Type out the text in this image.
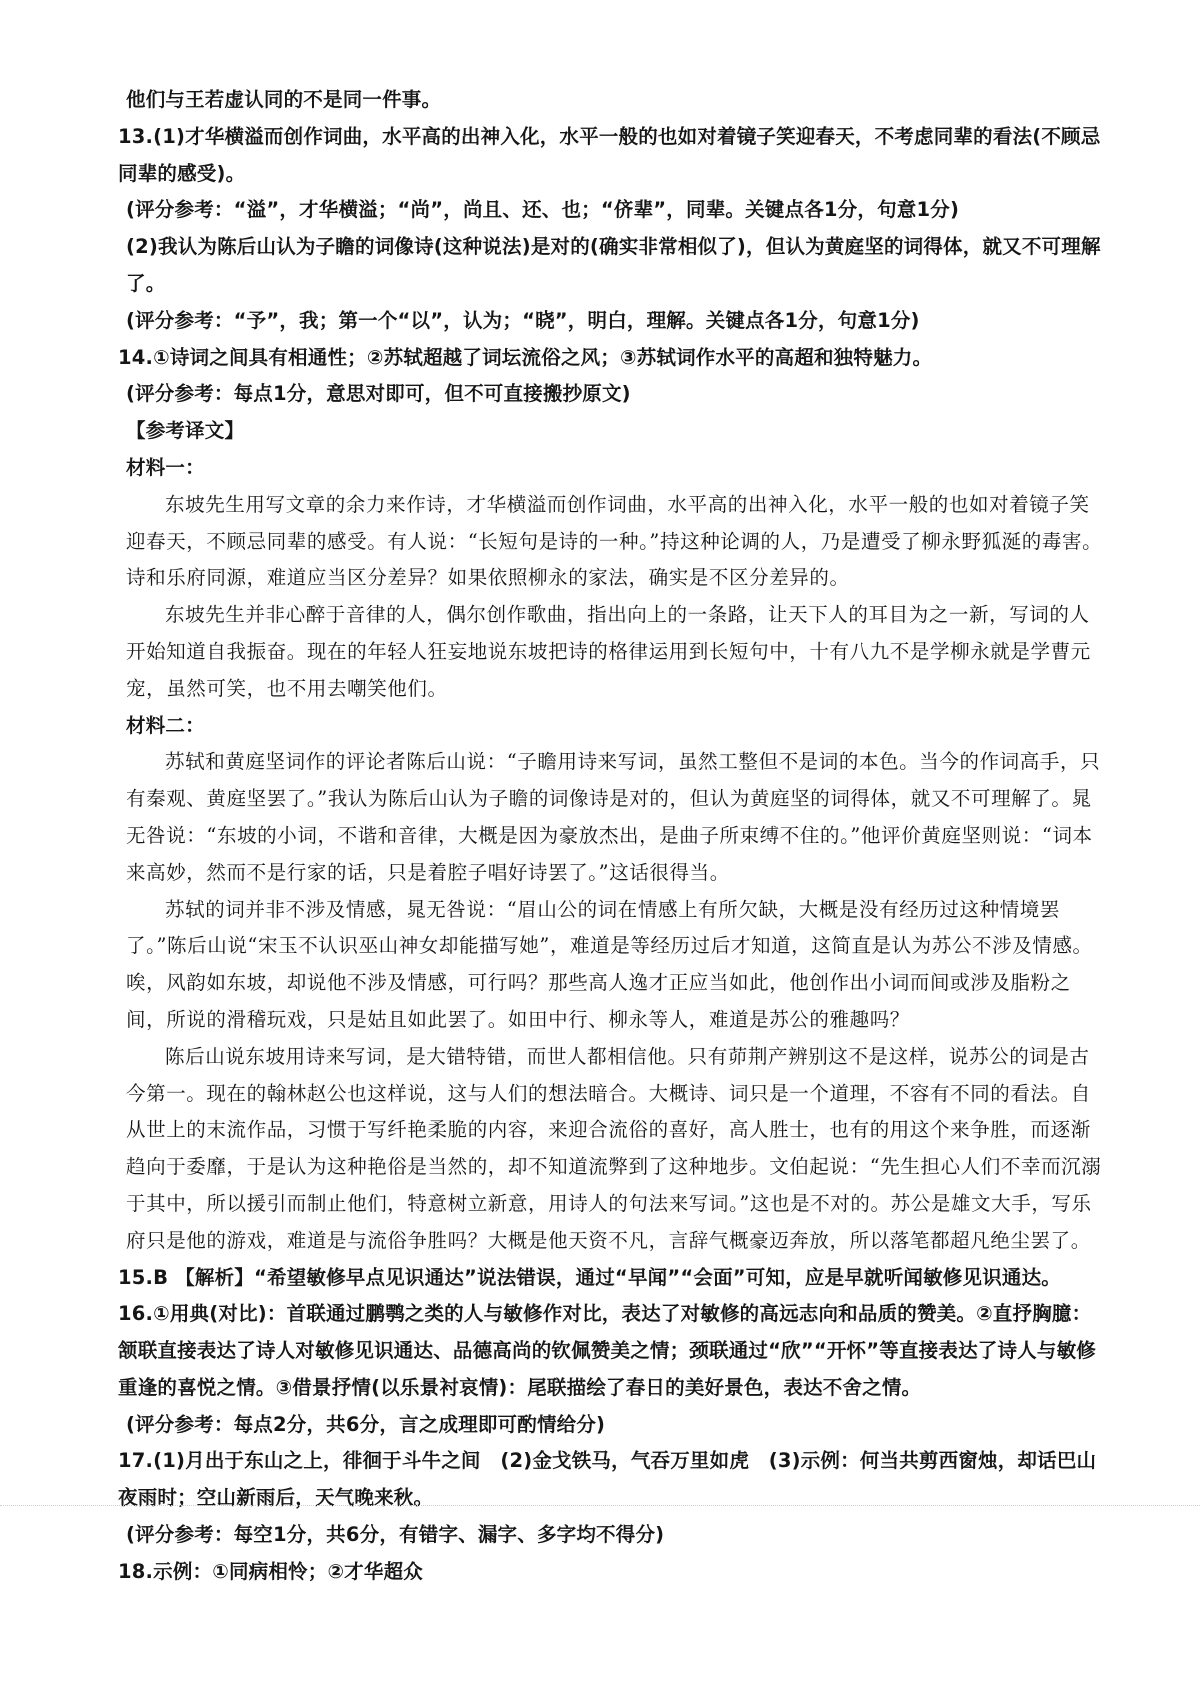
他们与王若虚认同的不是同一件事。

13.(1)才华横溢而创作词曲，水平高的出神入化，水平一般的也如对着镜子笑迎春天，不考虑同辈的看法(不顾忌同辈的感受)。

(评分参考：“溢”，才华横溢；“尚”，尚且、还、也；“侪辈”，同辈。关键点各1分，句意1分)

(2)我认为陈后山认为子瞻的词像诗(这种说法)是对的(确实非常相似了)，但认为黄庭坚的词得体，就又不可理解了。

(评分参考：“予”，我；第一个“以”，认为；“晓”，明白，理解。关键点各1分，句意1分)

14.①诗词之间具有相通性；②苏轼超越了词坛流俗之风；③苏轼词作水平的高超和独特魅力。

(评分参考：每点1分，意思对即可，但不可直接搬抄原文)

【参考译文】

材料一：

东坡先生用写文章的余力来作诗，才华横溢而创作词曲，水平高的出神入化，水平一般的也如对着镜子笑迎春天，不顾忌同辈的感受。有人说：“长短句是诗的一种。”持这种论调的人，乃是遭受了柳永野狐涎的毒害。诗和乐府同源，难道应当区分差异？如果依照柳永的家法，确实是不区分差异的。

东坡先生并非心醉于音律的人，偶尔创作歌曲，指出向上的一条路，让天下人的耳目为之一新，写词的人开始知道自我振奋。现在的年轻人狂妄地说东坡把诗的格律运用到长短句中，十有八九不是学柳永就是学曹元宠，虽然可笑，也不用去嘲笑他们。

材料二：

苏轼和黄庭坚词作的评论者陈后山说：“子瞻用诗来写词，虽然工整但不是词的本色。当今的作词高手，只有秦观、黄庭坚罢了。”我认为陈后山认为子瞻的词像诗是对的，但认为黄庭坚的词得体，就又不可理解了。晁无咎说：“东坡的小词，不谐和音律，大概是因为豪放杰出，是曲子所束缚不住的。”他评价黄庭坚则说：“词本来高妙，然而不是行家的话，只是着腔子唱好诗罢了。”这话很得当。

苏轼的词并非不涉及情感，晁无咎说：“眉山公的词在情感上有所欠缺，大概是没有经历过这种情境罢了。”陈后山说“宋玉不认识巫山神女却能描写她”，难道是等经历过后才知道，这简直是认为苏公不涉及情感。唉，风韵如东坡，却说他不涉及情感，可行吗？那些高人逸才正应当如此，他创作出小词而间或涉及脂粉之间，所说的滑稽玩戏，只是姑且如此罢了。如田中行、柳永等人，难道是苏公的雅趣吗？

陈后山说东坡用诗来写词，是大错特错，而世人都相信他。只有茆荆产辨别这不是这样，说苏公的词是古今第一。现在的翰林赵公也这样说，这与人们的想法暗合。大概诗、词只是一个道理，不容有不同的看法。自从世上的末流作品，习惯于写纤艳柔脆的内容，来迎合流俗的喜好，高人胜士，也有的用这个来争胜，而逐渐趋向于委靡，于是认为这种艳俗是当然的，却不知道流弊到了这种地步。文伯起说：“先生担心人们不幸而沉溺于其中，所以援引而制止他们，特意树立新意，用诗人的句法来写词。”这也是不对的。苏公是雄文大手，写乐府只是他的游戏，难道是与流俗争胜吗？大概是他天资不凡，言辞气概豪迈奔放，所以落笔都超凡绝尘罢了。

15.B 【解析】“希望敏修早点见识通达”说法错误，通过“早闻”“会面”可知，应是早就听闻敏修见识通达。

16.①用典(对比)：首联通过鹏鹗之类的人与敏修作对比，表达了对敏修的高远志向和品质的赞美。②直抒胸臆：颔联直接表达了诗人对敏修见识通达、品德高尚的钦佩赞美之情；颈联通过“欣”“开怀”等直接表达了诗人与敏修重逢的喜悦之情。③借景抒情(以乐景衬哀情)：尾联描绘了春日的美好景色，表达不舍之情。

(评分参考：每点2分，共6分，言之成理即可酌情给分)

17.(1)月出于东山之上，徘徊于斗牛之间　(2)金戈铁马，气吞万里如虎　(3)示例：何当共剪西窗烛，却话巴山夜雨时；空山新雨后，天气晚来秋。

(评分参考：每空1分，共6分，有错字、漏字、多字均不得分)

18.示例：①同病相怜；②才华超众
